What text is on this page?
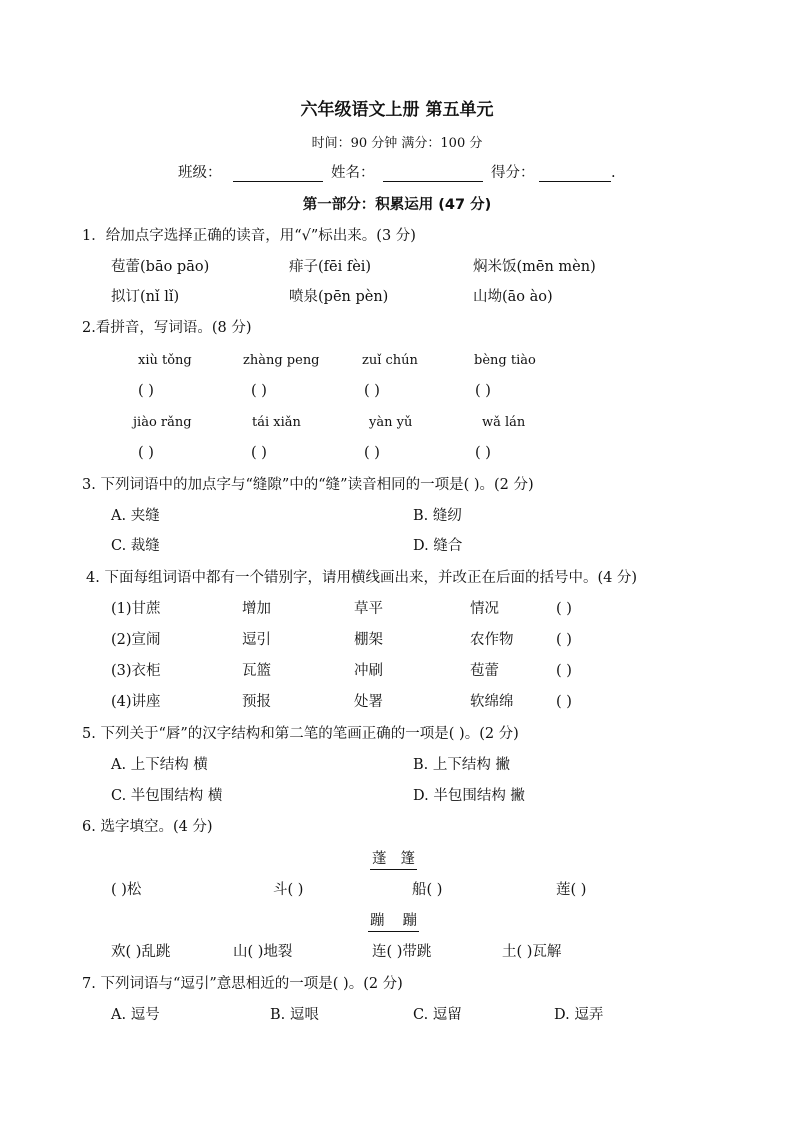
六年级语文上册 第五单元
时间：90 分钟 满分：100 分
班级：	姓名：	得分：	.
第一部分：积累运用 (47 分)
1．给加点字选择正确的读音，用“√”标出来。(3 分)
苞蕾(bāo pāo)	痱子(fēi fèi)	焖米饭(mēn mèn)
拟订(nǐ lǐ)	喷泉(pēn pèn)	山坳(āo ào)
2.看拼音，写词语。(8 分)
xiù tǒng	zhàng peng	zuǐ chún	bèng tiào
( )	( )	( )	( )
jiào rǎng	tái xiǎn	yàn yǔ	wǎ lán
( )	( )	( )	( )
3. 下列词语中的加点字与“缝隙”中的“缝”读音相同的一项是( )。(2 分)
A. 夹缝	B. 缝纫
C. 裁缝	D. 缝合
4. 下面每组词语中都有一个错别字，请用横线画出来，并改正在后面的括号中。(4 分)
(1)甘蔗	增加	草平	情况	( )
(2)宣闹	逗引	棚架	农作物	( )
(3)衣柜	瓦篮	冲刷	苞蕾	( )
(4)讲座	预报	处署	软绵绵	( )
5. 下列关于“唇”的汉字结构和第二笔的笔画正确的一项是( )。(2 分)
A. 上下结构 横	B. 上下结构 撇
C. 半包围结构 横	D. 半包围结构 撇
6. 选字填空。(4 分)
蓬 篷
( )松	斗( )	船( )	莲( )
蹦 蹦
欢( )乱跳	山( )地裂	连( )带跳	土( )瓦解
7. 下列词语与“逗引”意思相近的一项是( )。(2 分)
A. 逗号	B. 逗哏	C. 逗留	D. 逗弄
